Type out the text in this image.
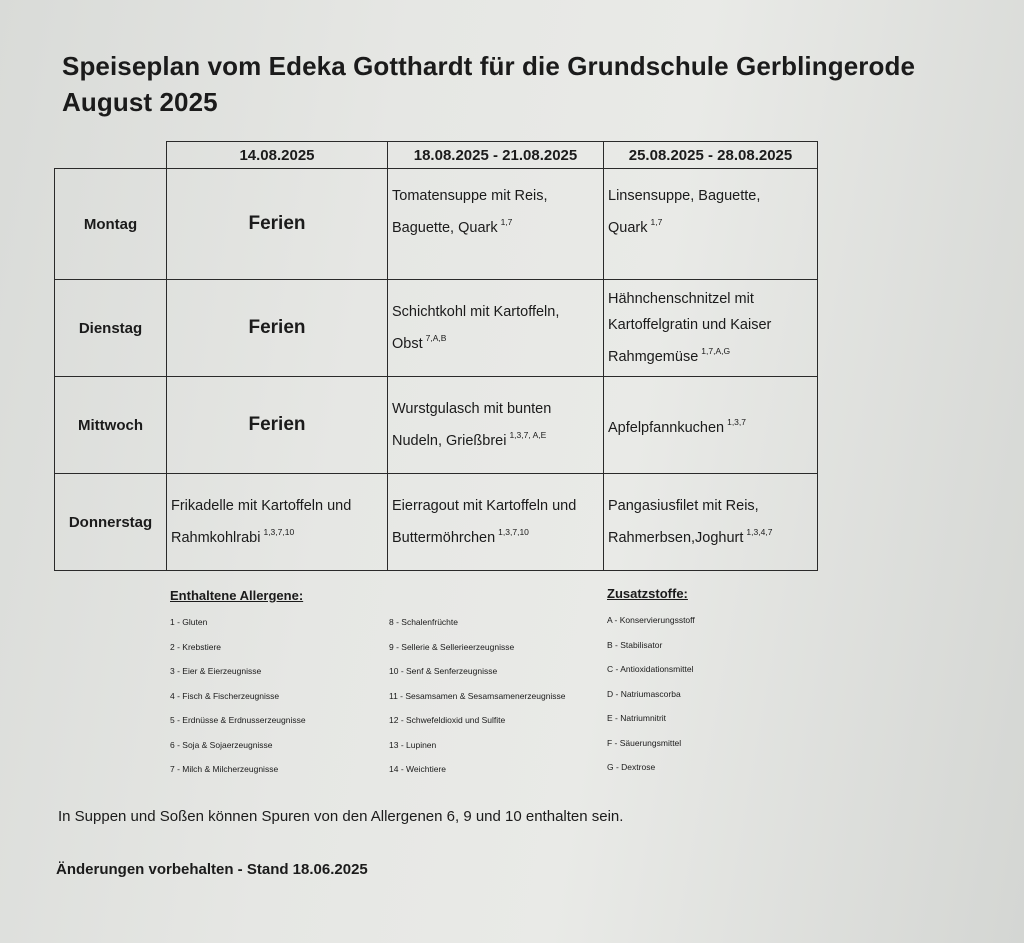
Speiseplan vom Edeka Gotthardt für die Grundschule Gerblingerode
August 2025
	14.08.2025	18.08.2025 - 21.08.2025	25.08.2025 - 28.08.2025
Montag	Ferien	Tomatensuppe mit Reis, Baguette, Quark $^{1,7}$	Linsensuppe, Baguette, Quark $^{1,7}$
Dienstag	Ferien	Schichtkohl mit Kartoffeln, Obst $^{7,A,B}$	Hähnchenschnitzel mit Kartoffelgratin und Kaiser Rahmgemüse $^{1,7,A,G}$
Mittwoch	Ferien	Wurstgulasch mit bunten Nudeln, Grießbrei $^{1,3,7, A,E}$	Apfelpfannkuchen $^{1,3,7}$
Donnerstag	Frikadelle mit Kartoffeln und Rahmkohlrabi $^{1,3,7,10}$	Eierragout mit Kartoffeln und Buttermöhrchen $^{1,3,7,10}$	Pangasiusfilet mit Reis, Rahmerbsen,Joghurt $^{1,3,4,7}$
Enthaltene Allergene:
1 - Gluten
2 - Krebstiere
3 - Eier & Eierzeugnisse
4 - Fisch & Fischerzeugnisse
5 - Erdnüsse & Erdnusserzeugnisse
6 - Soja & Sojaerzeugnisse
7 - Milch & Milcherzeugnisse
8 - Schalenfrüchte
9 - Sellerie & Sellerieerzeugnisse
10 - Senf & Senferzeugnisse
11 - Sesamsamen & Sesamsamenerzeugnisse
12 - Schwefeldioxid und Sulfite
13 - Lupinen
14 - Weichtiere
Zusatzstoffe:
A - Konservierungsstoff
B - Stabilisator
C - Antioxidationsmittel
D - Natriumascorba
E - Natriumnitrit
F - Säuerungsmittel
G - Dextrose
In Suppen und Soßen können Spuren von den Allergenen 6, 9 und 10 enthalten sein.
Änderungen vorbehalten - Stand 18.06.2025
